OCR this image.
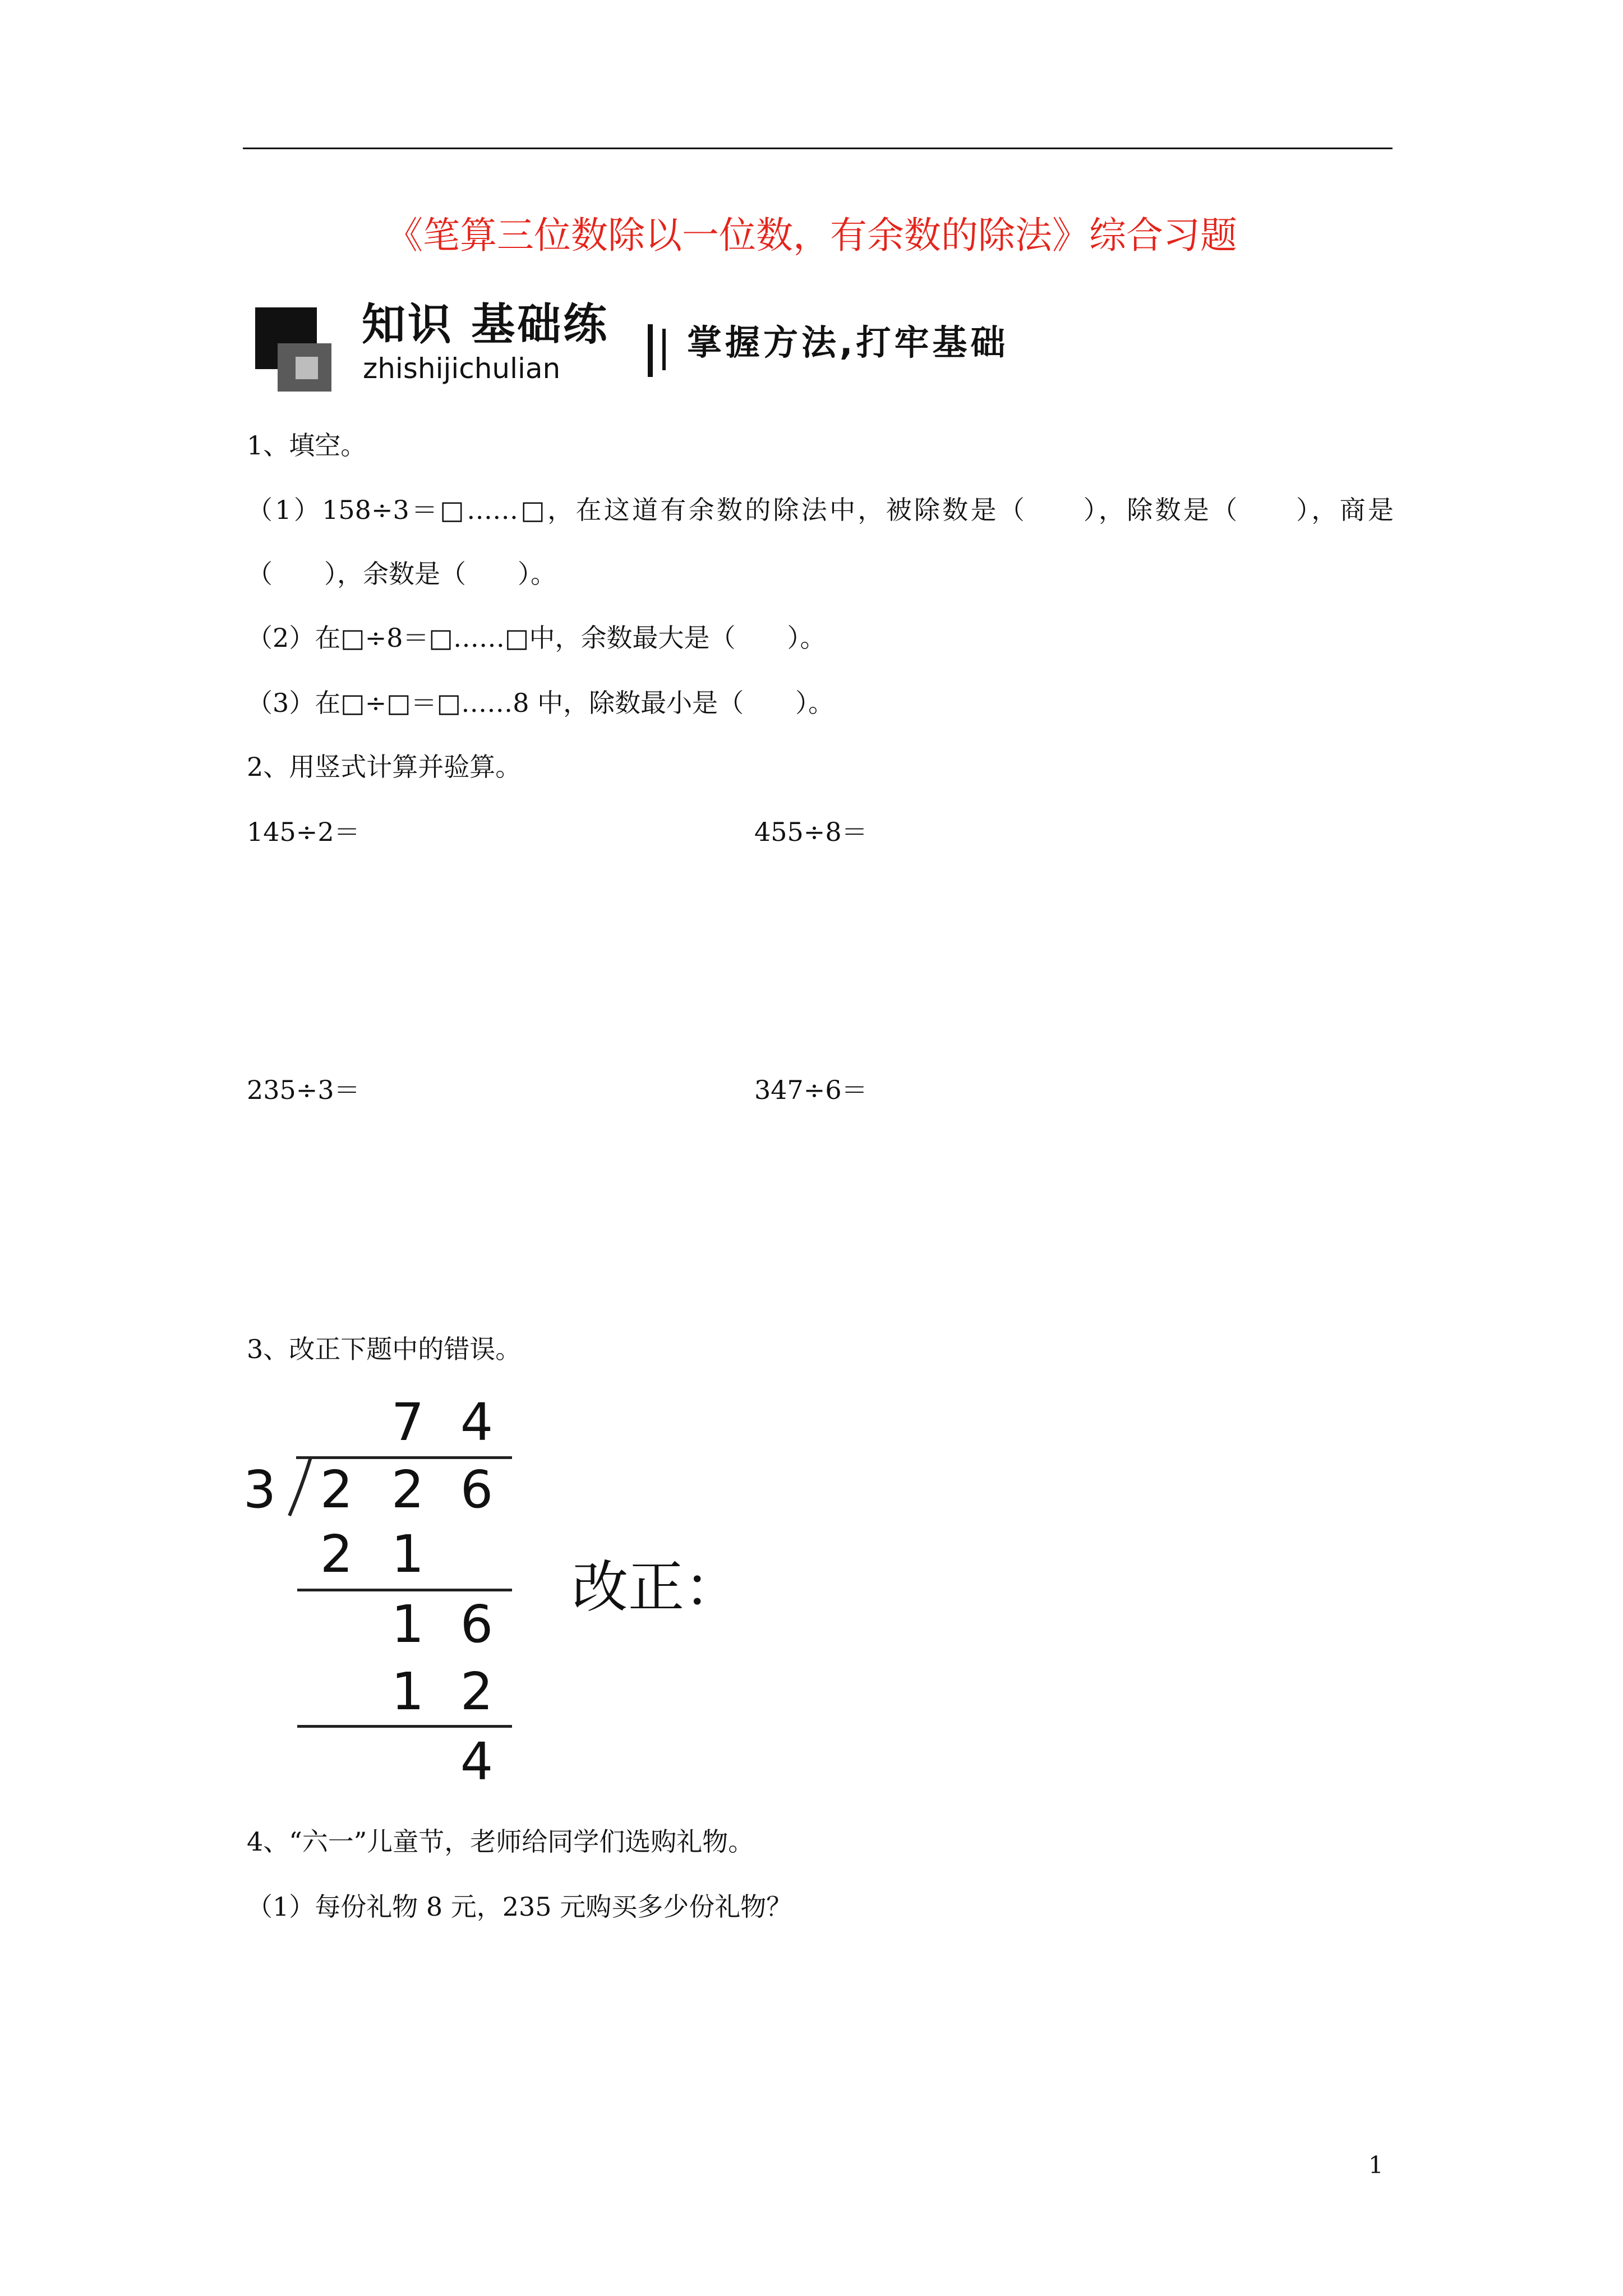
《笔算三位数除以一位数，有余数的除法》综合习题
知识 基础练
zhishijichulian
掌握方法,打牢基础
1、填空。
（1）158÷3＝□……□，在这道有余数的除法中，被除数是（　　），除数是（　　），商是
（　　），余数是（　　）。
（2）在□÷8＝□……□中，余数最大是（　　）。
（3）在□÷□＝□……8 中，除数最小是（　　）。
2、用竖式计算并验算。
145÷2＝	455÷8＝
235÷3＝	347÷6＝
3、改正下题中的错误。
7 4
3 2 2 6
2 1
1 6
1 2
4
改正：
4、“六一”儿童节，老师给同学们选购礼物。
（1）每份礼物 8 元，235 元购买多少份礼物？
1
